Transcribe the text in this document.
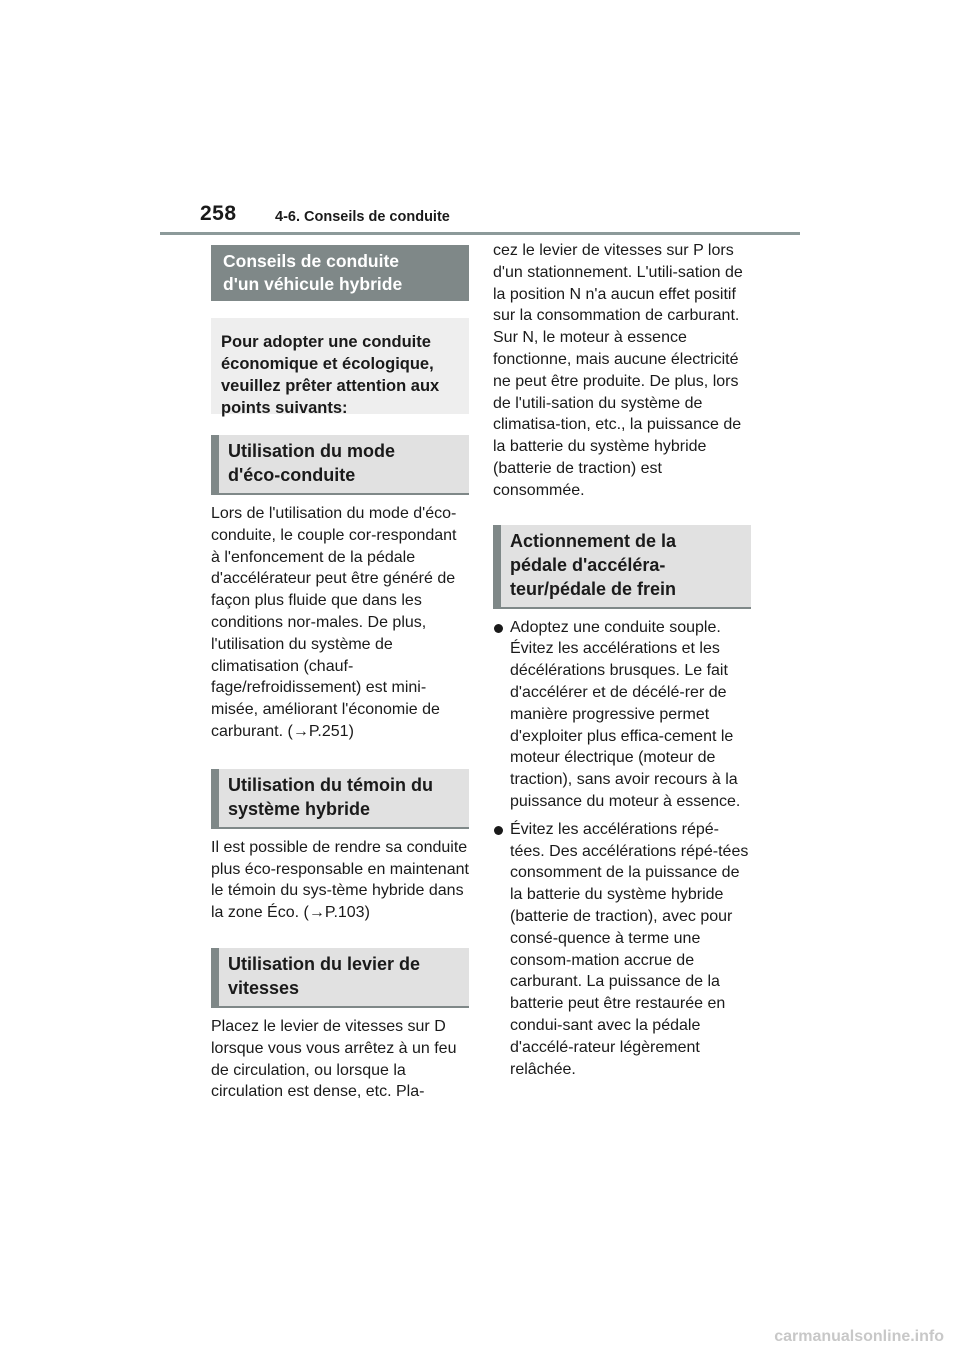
258	4-6. Conseils de conduite
Conseils de conduite
d'un véhicule hybride
Pour adopter une conduite économique et écologique, veuillez prêter attention aux points suivants:
Utilisation du mode
d'éco-conduite

Lors de l'utilisation du mode d'éco-conduite, le couple cor-respondant à l'enfoncement de la pédale d'accélérateur peut être généré de façon plus fluide que dans les conditions nor-males. De plus, l'utilisation du système de climatisation (chauf-fage/refroidissement) est mini-misée, améliorant l'économie de carburant. (→P.251)

Utilisation du témoin du
système hybride

Il est possible de rendre sa conduite plus éco-responsable en maintenant le témoin du sys-tème hybride dans la zone Éco. (→P.103)

Utilisation du levier de
vitesses

Placez le levier de vitesses sur D lorsque vous vous arrêtez à un feu de circulation, ou lorsque la circulation est dense, etc. Pla-

cez le levier de vitesses sur P lors d'un stationnement. L'utili-sation de la position N n'a aucun effet positif sur la consommation de carburant. Sur N, le moteur à essence fonctionne, mais aucune électricité ne peut être produite. De plus, lors de l'utili-sation du système de climatisa-tion, etc., la puissance de la batterie du système hybride (batterie de traction) est consommée.

Actionnement de la
pédale d'accéléra-
teur/pédale de frein
Adoptez une conduite souple. Évitez les accélérations et les décélérations brusques. Le fait d'accélérer et de décélé-rer de manière progressive permet d'exploiter plus effica-cement le moteur électrique (moteur de traction), sans avoir recours à la puissance du moteur à essence.
Évitez les accélérations répé-tées. Des accélérations répé-tées consomment de la puissance de la batterie du système hybride (batterie de traction), avec pour consé-quence à terme une consom-mation accrue de carburant. La puissance de la batterie peut être restaurée en condui-sant avec la pédale d'accélé-rateur légèrement relâchée.
carmanualsonline.info
